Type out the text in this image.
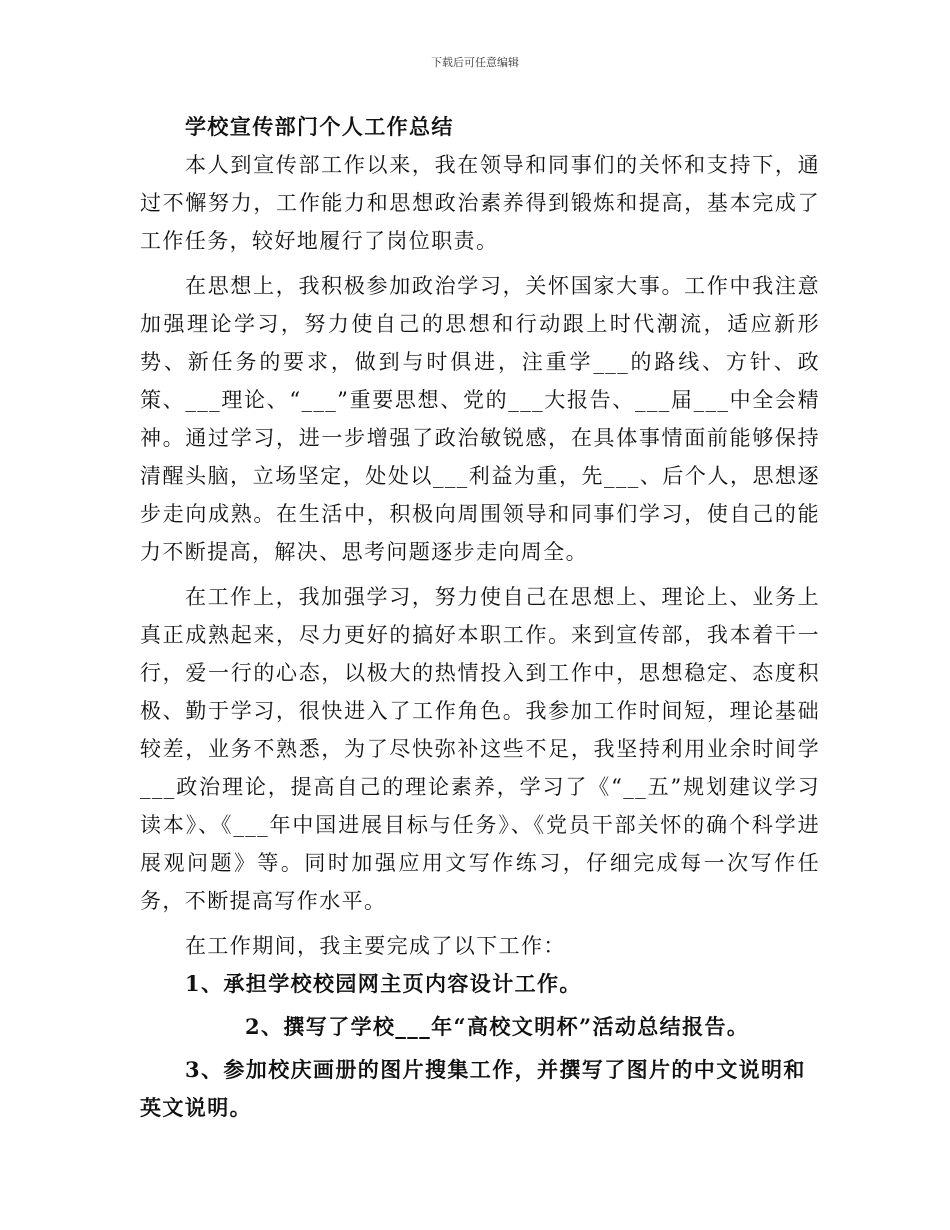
下载后可任意编辑

学校宣传部门个人工作总结

本人到宣传部工作以来，我在领导和同事们的关怀和支持下，通过不懈努力，工作能力和思想政治素养得到锻炼和提高，基本完成了工作任务，较好地履行了岗位职责。

在思想上，我积极参加政治学习，关怀国家大事。工作中我注意加强理论学习，努力使自己的思想和行动跟上时代潮流，适应新形势、新任务的要求，做到与时俱进，注重学___的路线、方针、政策、___理论、“___”重要思想、党的___大报告、___届___中全会精神。通过学习，进一步增强了政治敏锐感，在具体事情面前能够保持清醒头脑，立场坚定，处处以___利益为重，先___、后个人，思想逐步走向成熟。在生活中，积极向周围领导和同事们学习，使自己的能力不断提高，解决、思考问题逐步走向周全。

在工作上，我加强学习，努力使自己在思想上、理论上、业务上真正成熟起来，尽力更好的搞好本职工作。来到宣传部，我本着干一行，爱一行的心态，以极大的热情投入到工作中，思想稳定、态度积极、勤于学习，很快进入了工作角色。我参加工作时间短，理论基础较差，业务不熟悉，为了尽快弥补这些不足，我坚持利用业余时间学___政治理论，提高自己的理论素养，学习了《“__五”规划建议学习读本》、《___年中国进展目标与任务》、《党员干部关怀的确个科学进展观问题》等。同时加强应用文写作练习，仔细完成每一次写作任务，不断提高写作水平。

在工作期间，我主要完成了以下工作：

1、承担学校校园网主页内容设计工作。

2、撰写了学校___年“高校文明杯”活动总结报告。

3、参加校庆画册的图片搜集工作，并撰写了图片的中文说明和英文说明。
